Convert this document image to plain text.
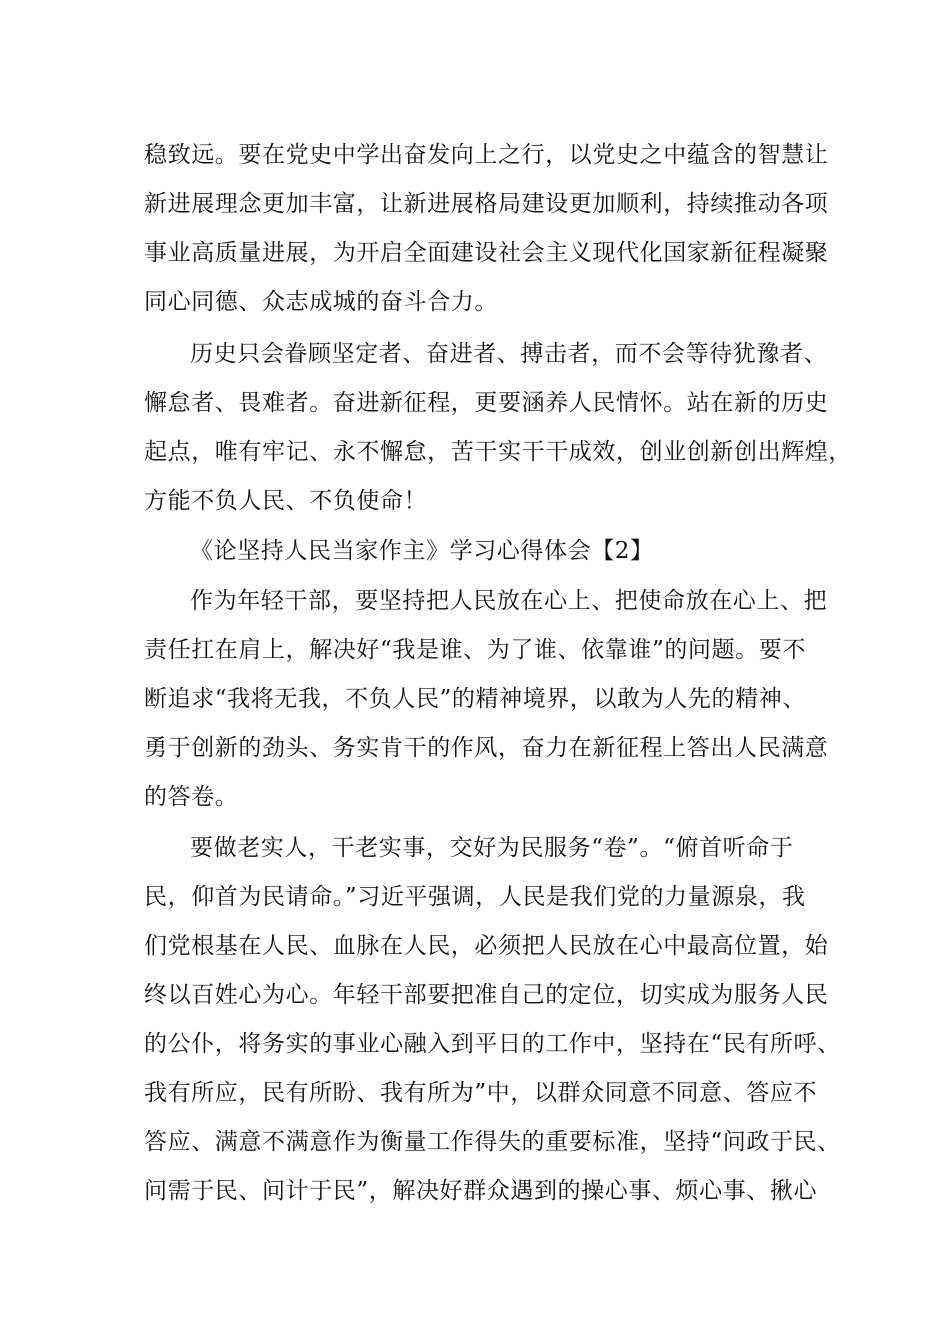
稳致远。要在党史中学出奋发向上之行，以党史之中蕴含的智慧让
新进展理念更加丰富，让新进展格局建设更加顺利，持续推动各项
事业高质量进展，为开启全面建设社会主义现代化国家新征程凝聚
同心同德、众志成城的奋斗合力。
历史只会眷顾坚定者、奋进者、搏击者，而不会等待犹豫者、
懈怠者、畏难者。奋进新征程，更要涵养人民情怀。站在新的历史
起点，唯有牢记、永不懈怠，苦干实干干成效，创业创新创出辉煌，
方能不负人民、不负使命！
《论坚持人民当家作主》学习心得体会【2】
作为年轻干部，要坚持把人民放在心上、把使命放在心上、把
责任扛在肩上，解决好“我是谁、为了谁、依靠谁”的问题。要不
断追求“我将无我，不负人民”的精神境界，以敢为人先的精神、
勇于创新的劲头、务实肯干的作风，奋力在新征程上答出人民满意
的答卷。
要做老实人，干老实事，交好为民服务“卷”。“俯首听命于
民，仰首为民请命。”习近平强调，人民是我们党的力量源泉，我
们党根基在人民、血脉在人民，必须把人民放在心中最高位置，始
终以百姓心为心。年轻干部要把准自己的定位，切实成为服务人民
的公仆，将务实的事业心融入到平日的工作中，坚持在“民有所呼、
我有所应，民有所盼、我有所为”中，以群众同意不同意、答应不
答应、满意不满意作为衡量工作得失的重要标准，坚持“问政于民、
问需于民、问计于民”，解决好群众遇到的操心事、烦心事、揪心
